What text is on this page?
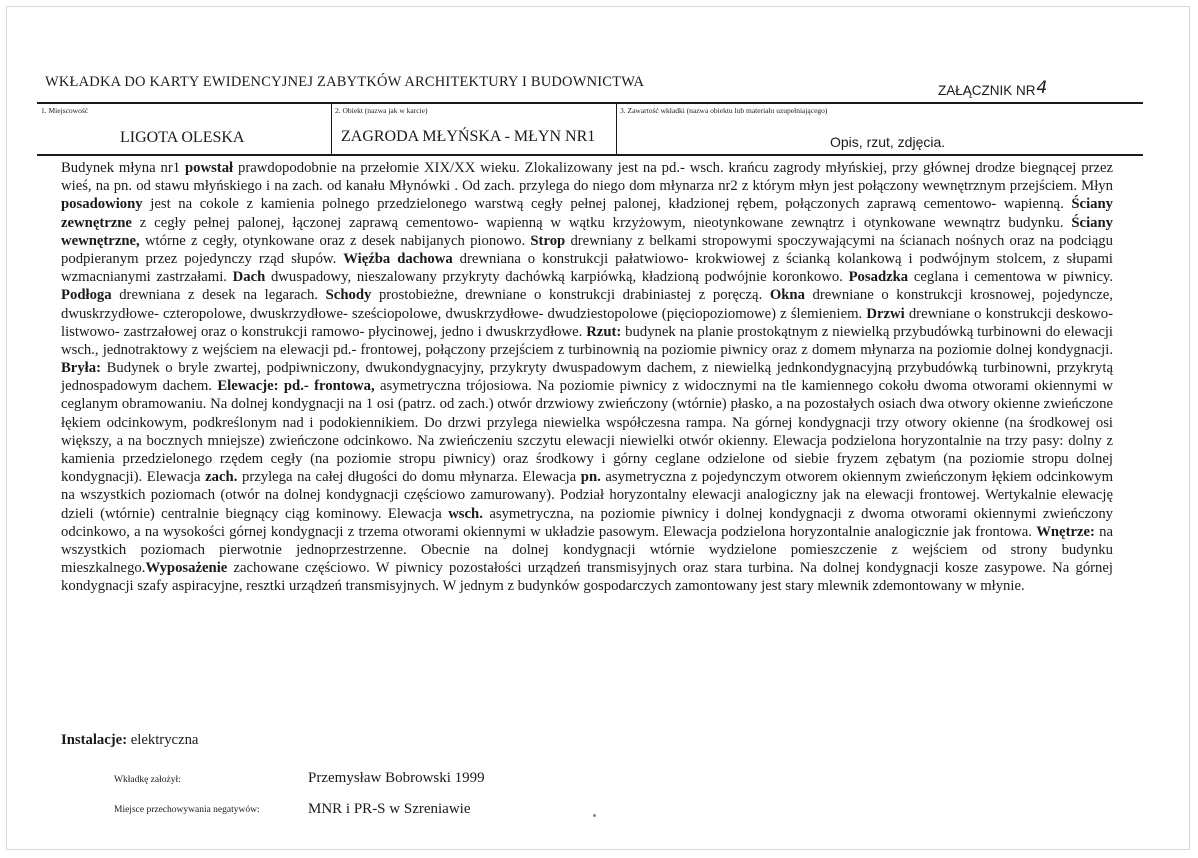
WKŁADKA DO KARTY EWIDENCYJNEJ ZABYTKÓW ARCHITEKTURY I BUDOWNICTWA
ZAŁĄCZNIK NR4
1. Miejscowość
LIGOTA OLESKA
2. Obiekt (nazwa jak w karcie)
ZAGRODA MŁYŃSKA - MŁYN NR1
3. Zawartość wkładki (nazwa obiektu lub materiału uzupełniającego)
Opis, rzut, zdjęcia.
Budynek młyna nr1 powstał prawdopodobnie na przełomie XIX/XX wieku. Zlokalizowany jest na pd.- wsch. krańcu zagrody młyńskiej, przy głównej drodze biegnącej przez wieś, na pn. od stawu młyńskiego i na zach. od kanału Młynówki . Od zach. przylega do niego dom młynarza nr2 z którym młyn jest połączony wewnętrznym przejściem. Młyn posadowiony jest na cokole z kamienia polnego przedzielonego warstwą cegły pełnej palonej, kładzionej rębem, połączonych zaprawą cementowo- wapienną. Ściany zewnętrzne z cegły pełnej palonej, łączonej zaprawą cementowo- wapienną w wątku krzyżowym, nieotynkowane zewnątrz i otynkowane wewnątrz budynku. Ściany wewnętrzne, wtórne z cegły, otynkowane oraz z desek nabijanych pionowo. Strop drewniany z belkami stropowymi spoczywającymi na ścianach nośnych oraz na podciągu podpieranym przez pojedynczy rząd słupów. Więźba dachowa drewniana o konstrukcji pałatwiowo- krokwiowej z ścianką kolankową i podwójnym stolcem, z słupami wzmacnianymi zastrzałami. Dach dwuspadowy, nieszalowany przykryty dachówką karpiówką, kładzioną podwójnie koronkowo. Posadzka ceglana i cementowa w piwnicy. Podłoga drewniana z desek na legarach. Schody prostobieżne, drewniane o konstrukcji drabiniastej z poręczą. Okna drewniane o konstrukcji krosnowej, pojedyncze, dwuskrzydłowe- czteropolowe, dwuskrzydłowe- sześciopolowe, dwuskrzydłowe- dwudziestopolowe (pięciopoziomowe) z ślemieniem. Drzwi drewniane o konstrukcji deskowo- listwowo- zastrzałowej oraz o konstrukcji ramowo- płycinowej, jedno i dwuskrzydłowe. Rzut: budynek na planie prostokątnym z niewielką przybudówką turbinowni do elewacji wsch., jednotraktowy z wejściem na elewacji pd.- frontowej, połączony przejściem z turbinownią na poziomie piwnicy oraz z domem młynarza na poziomie dolnej kondygnacji. Bryła: Budynek o bryle zwartej, podpiwniczony, dwukondygnacyjny, przykryty dwuspadowym dachem, z niewielką jednkondygnacyjną przybudówką turbinowni, przykrytą jednospadowym dachem. Elewacje: pd.- frontowa, asymetryczna trójosiowa. Na poziomie piwnicy z widocznymi na tle kamiennego cokołu dwoma otworami okiennymi w ceglanym obramowaniu. Na dolnej kondygnacji na 1 osi (patrz. od zach.) otwór drzwiowy zwieńczony (wtórnie) płasko, a na pozostałych osiach dwa otwory okienne zwieńczone łękiem odcinkowym, podkreślonym nad i podokiennikiem. Do drzwi przylega niewielka współczesna rampa. Na górnej kondygnacji trzy otwory okienne (na środkowej osi większy, a na bocznych mniejsze) zwieńczone odcinkowo. Na zwieńczeniu szczytu elewacji niewielki otwór okienny. Elewacja podzielona horyzontalnie na trzy pasy: dolny z kamienia przedzielonego rzędem cegły (na poziomie stropu piwnicy) oraz środkowy i górny ceglane odzielone od siebie fryzem zębatym (na poziomie stropu dolnej kondygnacji). Elewacja zach. przylega na całej długości do domu młynarza. Elewacja pn. asymetryczna z pojedynczym otworem okiennym zwieńczonym łękiem odcinkowym na wszystkich poziomach (otwór na dolnej kondygnacji częściowo zamurowany). Podział horyzontalny elewacji analogiczny jak na elewacji frontowej. Wertykalnie elewację dzieli (wtórnie) centralnie biegnący ciąg kominowy. Elewacja wsch. asymetryczna, na poziomie piwnicy i dolnej kondygnacji z dwoma otworami okiennymi zwieńczony odcinkowo, a na wysokości górnej kondygnacji z trzema otworami okiennymi w układzie pasowym. Elewacja podzielona horyzontalnie analogicznie jak frontowa. Wnętrze: na wszystkich poziomach pierwotnie jednoprzestrzenne. Obecnie na dolnej kondygnacji wtórnie wydzielone pomieszczenie z wejściem od strony budynku mieszkalnego.Wyposażenie zachowane częściowo. W piwnicy pozostałości urządzeń transmisyjnych oraz stara turbina. Na dolnej kondygnacji kosze zasypowe. Na górnej kondygnacji szafy aspiracyjne, resztki urządzeń transmisyjnych. W jednym z budynków gospodarczych zamontowany jest stary mlewnik zdemontowany w młynie.
Instalacje: elektryczna
Wkładkę założył:	Przemysław Bobrowski 1999
Miejsce przechowywania negatywów:	MNR i PR-S w Szreniawie
